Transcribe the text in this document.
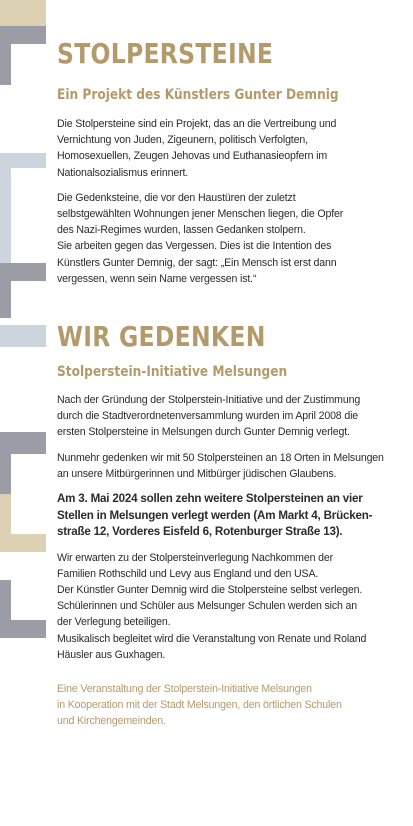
STOLPERSTEINE
Ein Projekt des Künstlers Gunter Demnig

Die Stolpersteine sind ein Projekt, das an die Vertreibung und
Vernichtung von Juden, Zigeunern, politisch Verfolgten,
Homosexuellen, Zeugen Jehovas und Euthanasieopfern im
Nationalsozialismus erinnert.

Die Gedenksteine, die vor den Haustüren der zuletzt
selbstgewählten Wohnungen jener Menschen liegen, die Opfer
des Nazi-Regimes wurden, lassen Gedanken stolpern.
Sie arbeiten gegen das Vergessen. Dies ist die Intention des
Künstlers Gunter Demnig, der sagt: „Ein Mensch ist erst dann
vergessen, wenn sein Name vergessen ist.“

WIR GEDENKEN
Stolperstein-Initiative Melsungen

Nach der Gründung der Stolperstein-Initiative und der Zustimmung
durch die Stadtverordnetenversammlung wurden im April 2008 die
ersten Stolpersteine in Melsungen durch Gunter Demnig verlegt.

Nunmehr gedenken wir mit 50 Stolpersteinen an 18 Orten in Melsungen
an unsere Mitbürgerinnen und Mitbürger jüdischen Glaubens.

Am 3. Mai 2024 sollen zehn weitere Stolpersteinen an vier
Stellen in Melsungen verlegt werden (Am Markt 4, Brücken-
straße 12, Vorderes Eisfeld 6, Rotenburger Straße 13).

Wir erwarten zu der Stolpersteinverlegung Nachkommen der
Familien Rothschild und Levy aus England und den USA.
Der Künstler Gunter Demnig wird die Stolpersteine selbst verlegen.
Schülerinnen und Schüler aus Melsunger Schulen werden sich an
der Verlegung beteiligen.
Musikalisch begleitet wird die Veranstaltung von Renate und Roland
Häusler aus Guxhagen.

Eine Veranstaltung der Stolperstein-Initiative Melsungen
in Kooperation mit der Stadt Melsungen, den örtlichen Schulen
und Kirchengemeinden.
